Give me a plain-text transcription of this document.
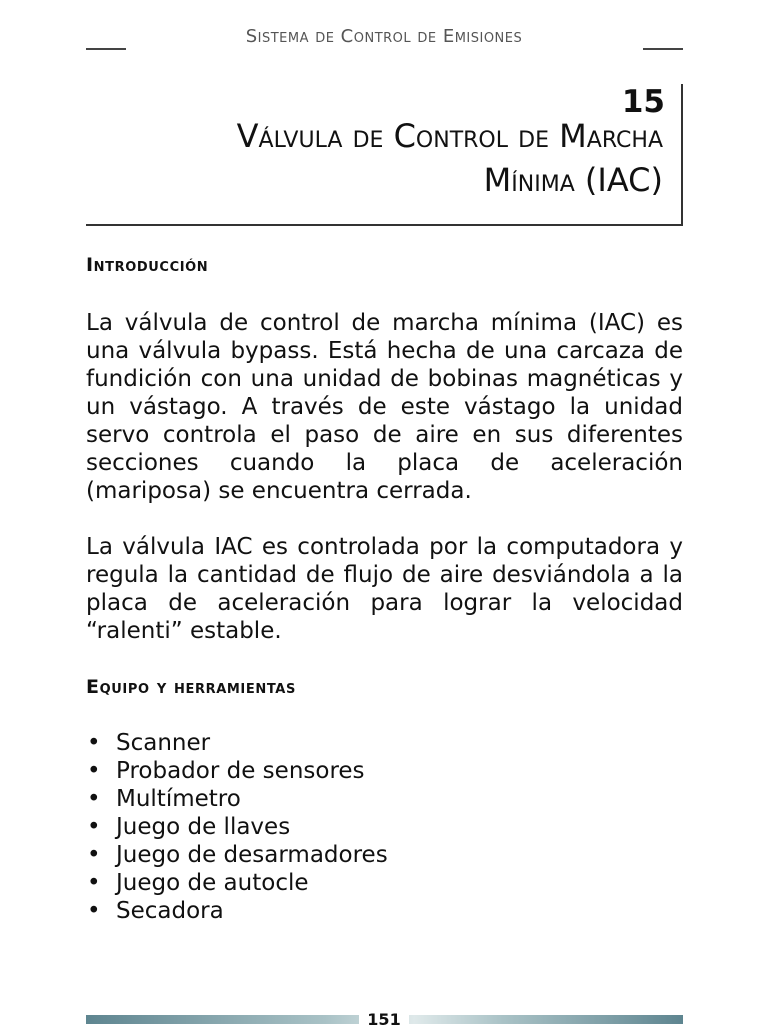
Sistema de Control de Emisiones
15
Válvula de Control de Marcha
Mínima (IAC)
Introducción

La válvula de control de marcha mínima (IAC) es una válvula bypass. Está hecha de una carcaza de fundición con una unidad de bobinas magnéticas y un vástago. A través de este vástago la unidad servo controla el paso de aire en sus diferentes secciones cuando la placa de aceleración (mariposa) se encuentra cerrada.

La válvula IAC es controlada por la computadora y regula la cantidad de flujo de aire desviándola a la placa de aceleración para lograr la velocidad “ralenti” estable.

Equipo y herramientas
• Scanner
• Probador de sensores
• Multímetro
• Juego de llaves
• Juego de desarmadores
• Juego de autocle
• Secadora
151
